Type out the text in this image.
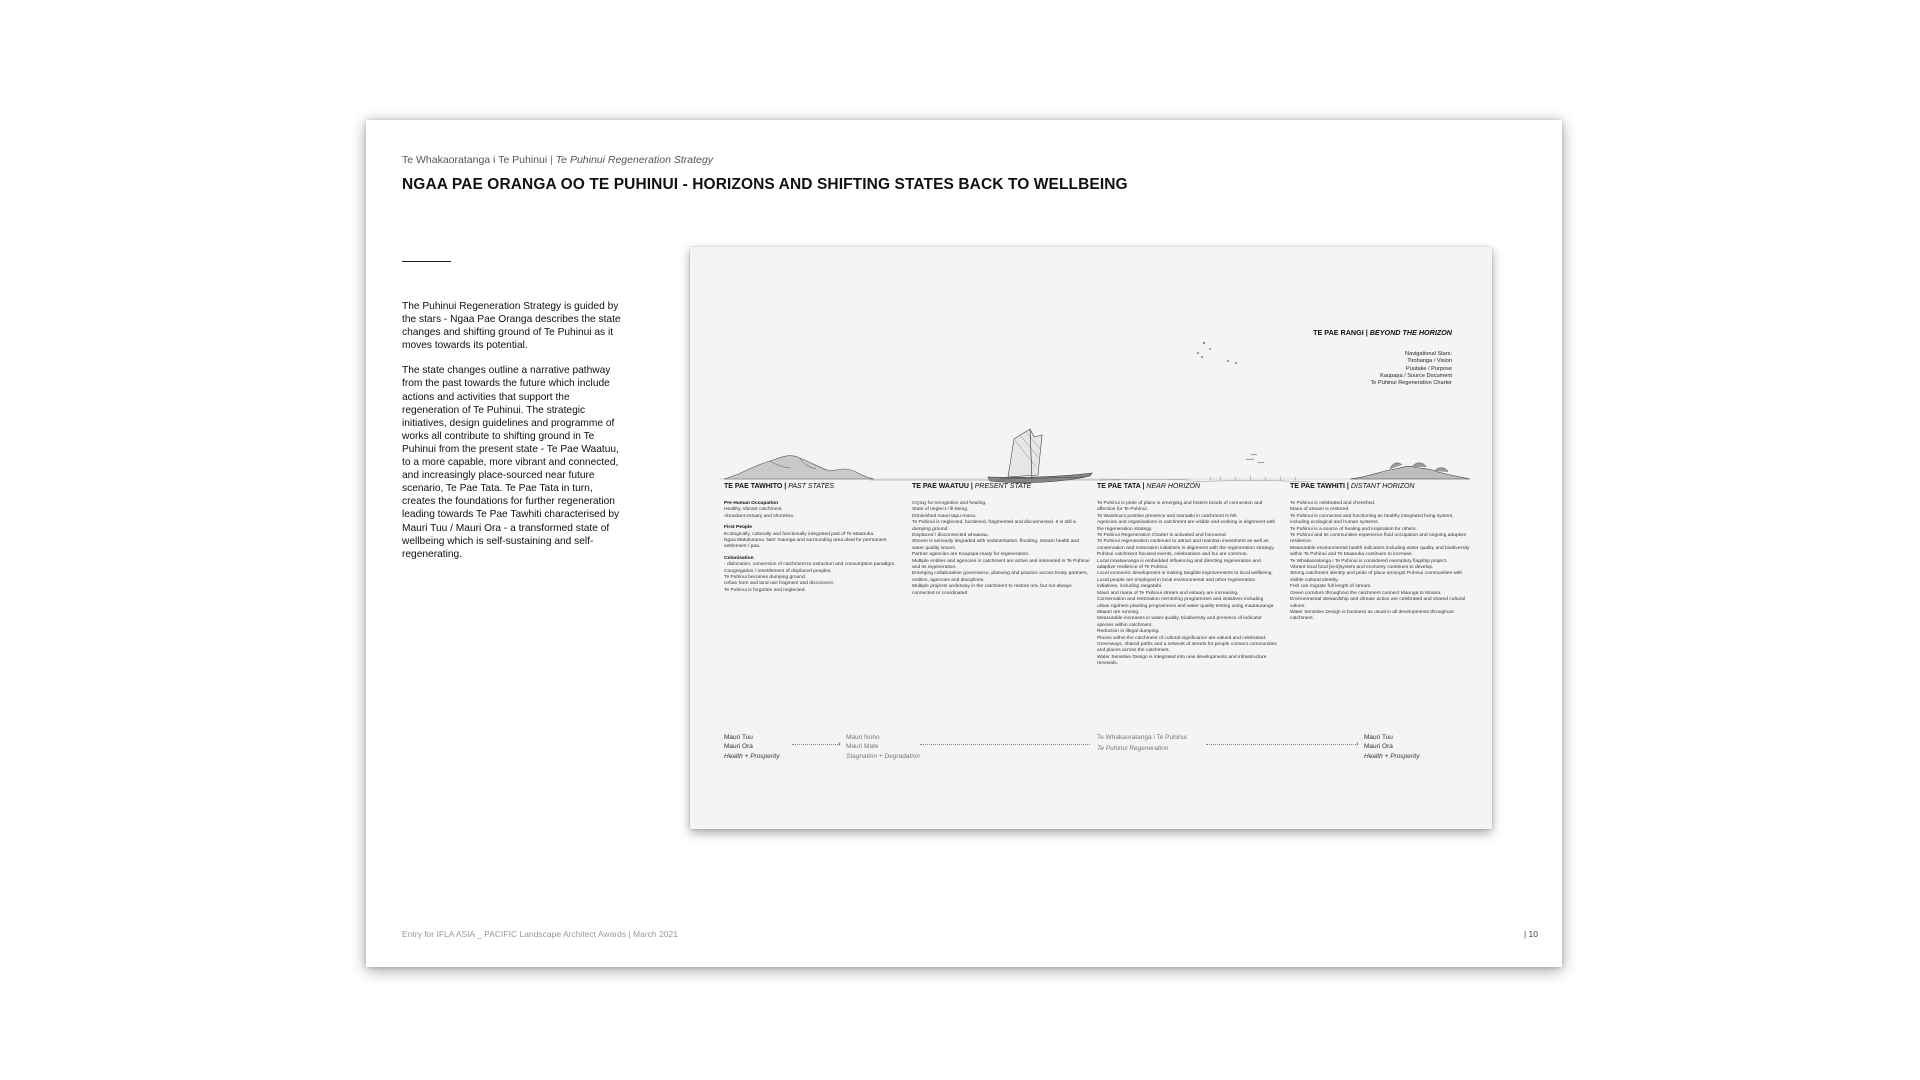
Te Whakaoratanga i Te Puhinui | Te Puhinui Regeneration Strategy
NGAA PAE ORANGA OO TE PUHINUI - HORIZONS AND SHIFTING STATES BACK TO WELLBEING

The Puhinui Regeneration Strategy is guided by the stars - Ngaa Pae Oranga describes the state changes and shifting ground of Te Puhinui as it moves towards its potential.

The state changes outline a narrative pathway from the past towards the future which include actions and activities that support the regeneration of Te Puhinui. The strategic initiatives, design guidelines and programme of works all contribute to shifting ground in Te Puhinui from the present state - Te Pae Waatuu, to a more capable, more vibrant and connected, and increasingly place-sourced near future scenario, Te Pae Tata. Te Pae Tata in turn, creates the foundations for further regeneration leading towards Te Pae Tawhiti characterised by Mauri Tuu / Mauri Ora - a transformed state of wellbeing which is self-sustaining and self-regenerating.

TE PAE RANGI | BEYOND THE HORIZON
Navigational Stars:
Tirohanga / Vision
Puutake / Purpose
Kaupapa / Source Document
Te Puhinui Regeneration Charter
TE PAE TAWHITO | PAST STATES
Pre Human Occupation
Healthy, vibrant catchment.
Abundant estuary and shoreline.
First People
Ecologically, culturally and functionally integrated part of Te Maanuka.
Ngaa Matukuturuu 'twin' maunga and surrounding area ideal for permanent settlement / paa.
Colonisation
- dislocation, conversion of catchment to extraction and consumption paradigm.
Congregation / resettlement of displaced peoples.
Te Puhinui becomes dumping ground.
Urban form and land use fragment and disconnect.
Te Puhinui is forgotten and neglected.
TE PAE WAATUU | PRESENT STATE
Crying for recognition and healing.
State of neglect / ill-being.
Diminished mauri-tapu-mana.
Te Puhinui is neglected, burdened, fragmented and disconnected. It is still a dumping ground.
Displaced / disconnected whaanau.
Stream is seriously degraded with sedimentation, flooding, stream health and water quality issues.
Partner agencies are Kaupapa-ready for regeneration.
Multiple entities and agencies in catchment are active and interested in Te Puhinui and its regeneration.
Emerging collaborative governance, planning and practice across treaty partners, entities, agencies and disciplines.
Multiple projects underway in the catchment to restore ora, but not always connected or coordinated.
TE PAE TATA | NEAR HORIZON
Te Puhinui is pride of place is emerging and fosters bonds of connection and affection for Te Puhinui.
Te Waiohua's positive presence and manaaki in catchment is felt.
Agencies and organisations in catchment are visible and working in alignment with the regeneration strategy.
Te Puhinui Regeneration Charter is activated and honoured.
Te Puhinui regeneration continues to attract and maintain investment as well as conservation and restoration initiatives in alignment with the regeneration strategy.
Puhinui catchment focused events, celebrations and hui are common.
Local maatauranga is embedded influencing and directing regeneration and adaptive resilience of Te Puhinui.
Local economic development is making tangible improvements to local wellbeing. Local people are employed in local environmental and other regeneration initiatives, including rangatahi.
Mauri and mana of Te Puhinui stream and estuary are increasing.
Conservation and restoration mentoring programmes and initiatives including urban ngahere planting programmes and water quality testing using maatauranga Maaori are running.
Measurable increases in water quality, biodiversity and presence of indicator species within catchment.
Reduction in illegal dumping.
Places within the catchment of cultural significance are valued and celebrated.
Greenways, shared paths and a network of streets for people connect communities and places across the catchment.
Water Sensitive Design is integrated into new developments and infrastructure renewals.
TE PAE TAWHITI | DISTANT HORIZON
Te Puhinui is celebrated and cherished.
Mana of stream is restored.
Te Puhinui is connected and functioning as healthy integrated living system, including ecological and human systems.
Te Puhinui is a source of healing and inspiration for others.
Te Puhinui and its communities experience fluid occupation and ongoing adaptive resilience.
Measurable environmental health indicators including water quality and biodiversity within Te Puhinui and Te Maanuka continues to increase.
Te Whakaoratanga i Te Puhinui is considered exemplary flagship project.
Vibrant local food [eco]system and economy continues to develop.
Strong catchment identity and pride of place amongst Puhinui communities with visible cultural identity.
Fish can migrate full length of stream.
Green corridors throughout the catchment connect Maunga to Moana.
Environmental stewardship and climate action are celebrated and shared cultural values.
Water Sensitive Design is business as usual in all developments throughout catchment.
Mauri Tuu
Mauri Ora
Health + Prosperity
›
Mauri Noho
Mauri Mate
Stagnation + Degradation
Te Whakaoratanga i Te Puhinui
Te Puhinui Regeneration
›
Mauri Tuu
Mauri Ora
Health + Prosperity
Entry for IFLA ASIA _ PACIFIC Landscape Architect Awards | March 2021	| 10
